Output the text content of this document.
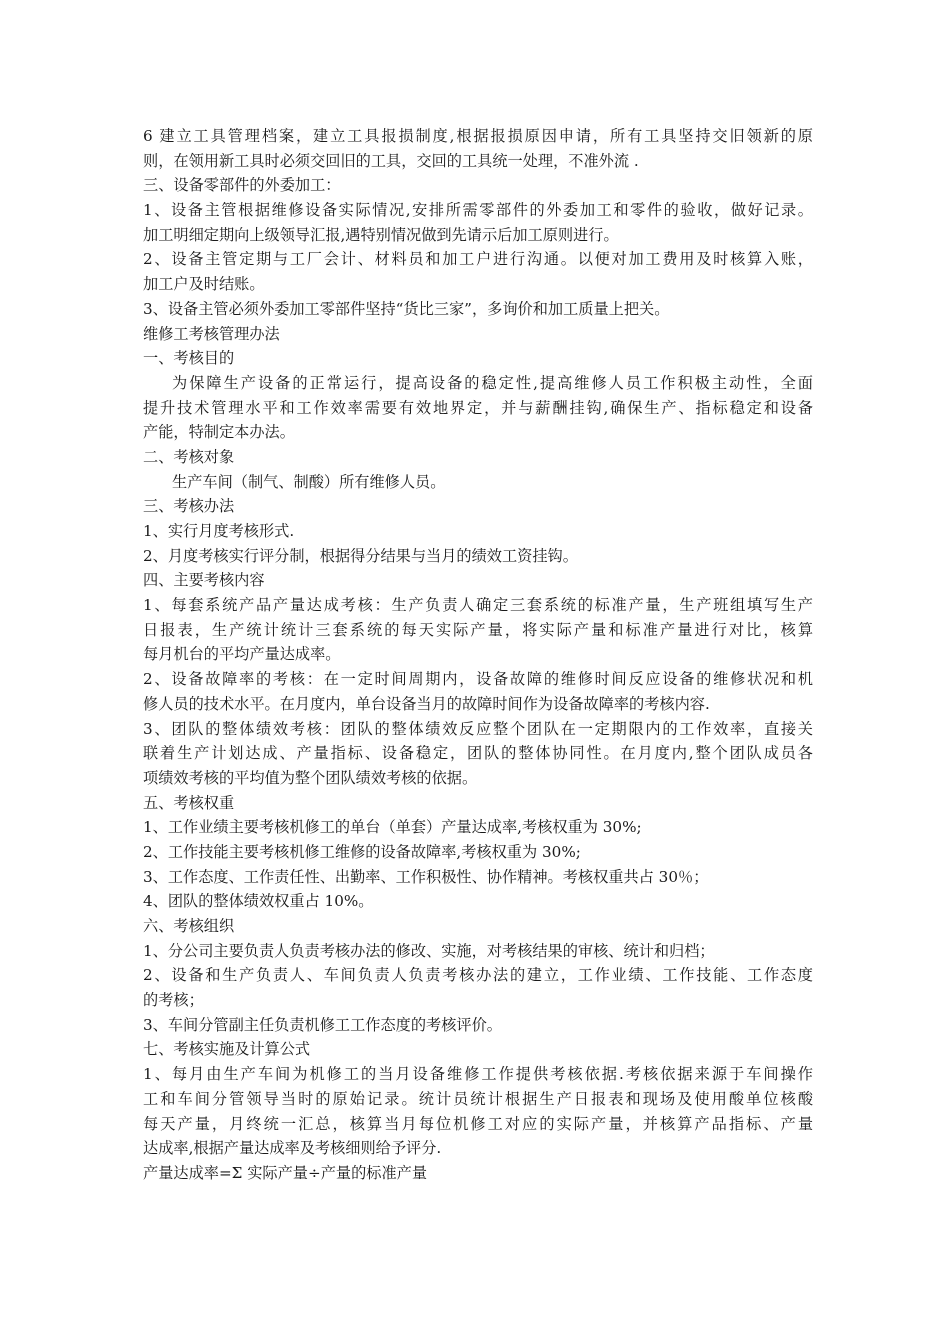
6 建立工具管理档案，建立工具报损制度,根据报损原因申请，所有工具坚持交旧领新的原
则，在领用新工具时必须交回旧的工具，交回的工具统一处理，不准外流 .
三、设备零部件的外委加工：
1、设备主管根据维修设备实际情况,安排所需零部件的外委加工和零件的验收，做好记录。
加工明细定期向上级领导汇报,遇特别情况做到先请示后加工原则进行。
2、设备主管定期与工厂会计、材料员和加工户进行沟通。以便对加工费用及时核算入账，
加工户及时结账。
3、设备主管必须外委加工零部件坚持“货比三家”，多询价和加工质量上把关。
维修工考核管理办法
一、考核目的
为保障生产设备的正常运行，提高设备的稳定性,提高维修人员工作积极主动性，全面
提升技术管理水平和工作效率需要有效地界定，并与薪酬挂钩,确保生产、指标稳定和设备
产能，特制定本办法。
二、考核对象
生产车间（制气、制酸）所有维修人员。
三、考核办法
1、实行月度考核形式.
2、月度考核实行评分制，根据得分结果与当月的绩效工资挂钩。
四、主要考核内容
1、每套系统产品产量达成考核：生产负责人确定三套系统的标准产量，生产班组填写生产
日报表，生产统计统计三套系统的每天实际产量，将实际产量和标准产量进行对比，核算
每月机台的平均产量达成率。
2、设备故障率的考核：在一定时间周期内，设备故障的维修时间反应设备的维修状况和机
修人员的技术水平。在月度内，单台设备当月的故障时间作为设备故障率的考核内容.
3、团队的整体绩效考核：团队的整体绩效反应整个团队在一定期限内的工作效率，直接关
联着生产计划达成、产量指标、设备稳定，团队的整体协同性。在月度内,整个团队成员各
项绩效考核的平均值为整个团队绩效考核的依据。
五、考核权重
1、工作业绩主要考核机修工的单台（单套）产量达成率,考核权重为 30%;
2、工作技能主要考核机修工维修的设备故障率,考核权重为 30%;
3、工作态度、工作责任性、出勤率、工作积极性、协作精神。考核权重共占 30％；
4、团队的整体绩效权重占 10%。
六、考核组织
1、分公司主要负责人负责考核办法的修改、实施，对考核结果的审核、统计和归档；
2、设备和生产负责人、车间负责人负责考核办法的建立，工作业绩、工作技能、工作态度
的考核；
3、车间分管副主任负责机修工工作态度的考核评价。
七、考核实施及计算公式
1、每月由生产车间为机修工的当月设备维修工作提供考核依据.考核依据来源于车间操作
工和车间分管领导当时的原始记录。统计员统计根据生产日报表和现场及使用酸单位核酸
每天产量，月终统一汇总，核算当月每位机修工对应的实际产量，并核算产品指标、产量
达成率,根据产量达成率及考核细则给予评分.
产量达成率=Σ 实际产量÷产量的标准产量
